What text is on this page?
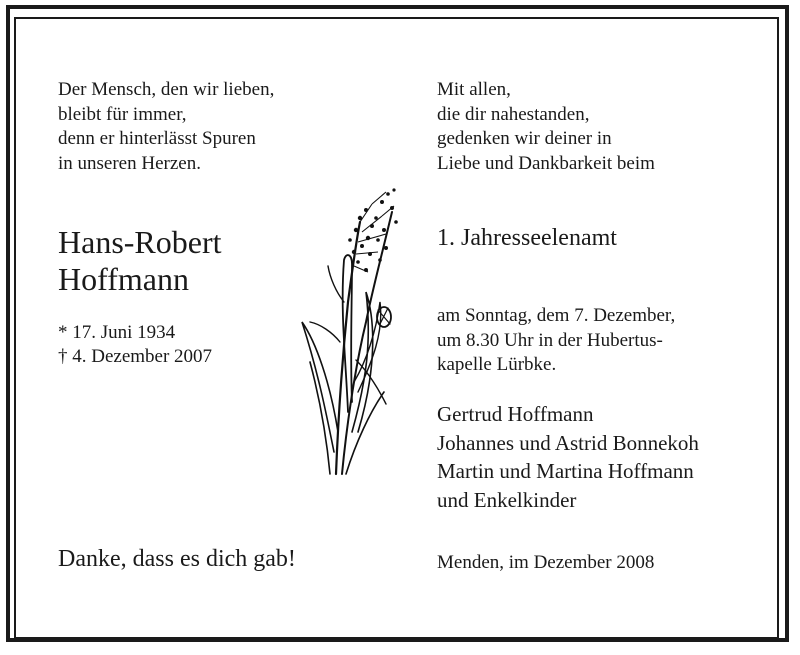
Der Mensch, den wir lieben,
bleibt für immer,
denn er hinterlässt Spuren
in unseren Herzen.
Hans-Robert
Hoffmann
* 17. Juni 1934
† 4. Dezember 2007
Danke, dass es dich gab!
Mit allen,
die dir nahestanden,
gedenken wir deiner in
Liebe und Dankbarkeit beim
1. Jahresseelenamt
am Sonntag, dem 7. Dezember,
um 8.30 Uhr in der Hubertus-
kapelle Lürbke.
Gertrud Hoffmann
Johannes und Astrid Bonnekoh
Martin und Martina Hoffmann
und Enkelkinder
Menden, im Dezember 2008
